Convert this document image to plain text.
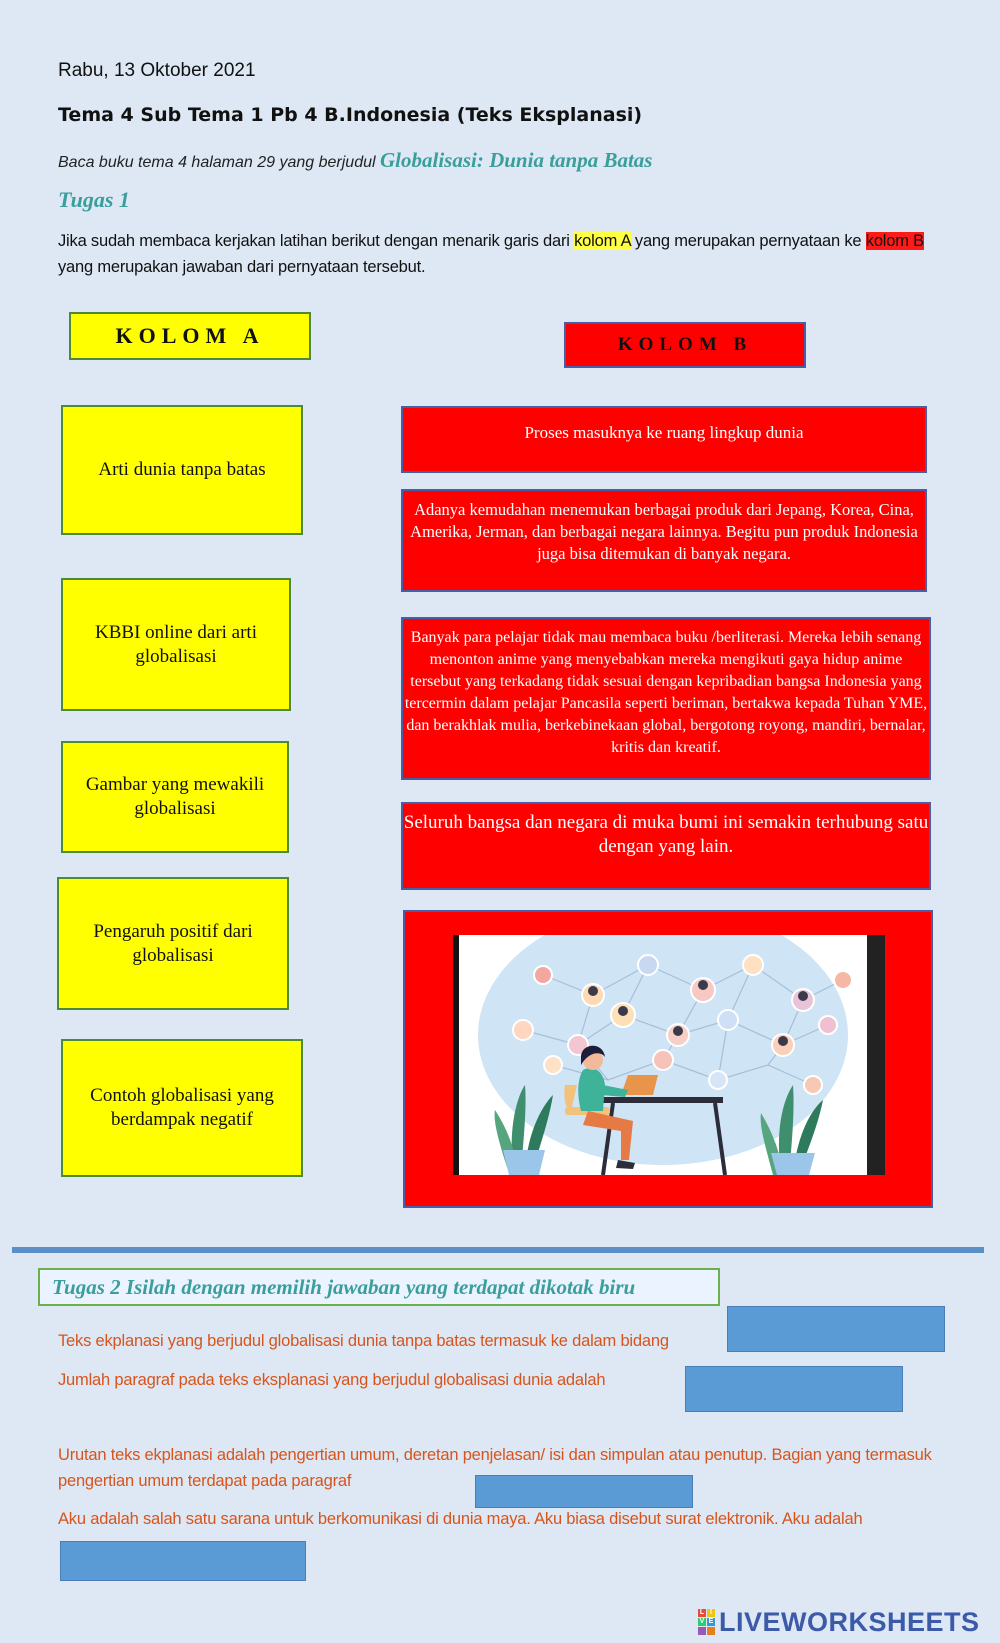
Rabu, 13 Oktober 2021
Tema 4 Sub Tema 1 Pb 4 B.Indonesia (Teks Eksplanasi)
Baca buku tema 4 halaman 29 yang berjudul Globalisasi: Dunia tanpa Batas
Tugas 1
Jika sudah membaca kerjakan latihan berikut dengan menarik garis dari kolom A yang merupakan pernyataan ke kolom B yang merupakan jawaban dari pernyataan tersebut.
KOLOM A	KOLOM B
Arti dunia tanpa batas
KBBI online dari arti globalisasi
Gambar yang mewakili globalisasi
Pengaruh positif dari globalisasi
Contoh globalisasi yang berdampak negatif
Proses masuknya ke ruang lingkup dunia
Adanya kemudahan menemukan berbagai produk dari Jepang, Korea, Cina, Amerika, Jerman, dan berbagai negara lainnya. Begitu pun produk Indonesia juga bisa ditemukan di banyak negara.
Banyak para pelajar tidak mau membaca buku /berliterasi. Mereka lebih senang menonton anime yang menyebabkan mereka mengikuti gaya hidup anime tersebut yang terkadang tidak sesuai dengan kepribadian bangsa Indonesia yang tercermin dalam pelajar Pancasila seperti beriman, bertakwa kepada Tuhan YME, dan berakhlak mulia, berkebinekaan global, bergotong royong, mandiri, bernalar, kritis dan kreatif.
Seluruh bangsa dan negara di muka bumi ini semakin terhubung satu dengan yang lain.
Tugas 2 Isilah dengan memilih jawaban yang terdapat dikotak biru
Teks ekplanasi yang berjudul globalisasi dunia tanpa batas termasuk ke dalam bidang
Jumlah paragraf pada teks eksplanasi yang berjudul globalisasi dunia adalah
Urutan teks ekplanasi adalah pengertian umum, deretan penjelasan/ isi dan simpulan atau penutup. Bagian yang termasuk pengertian umum terdapat pada paragraf
Aku adalah salah satu sarana untuk berkomunikasi di dunia maya. Aku biasa disebut surat elektronik. Aku adalah
L I
V E LIVEWORKSHEETS
